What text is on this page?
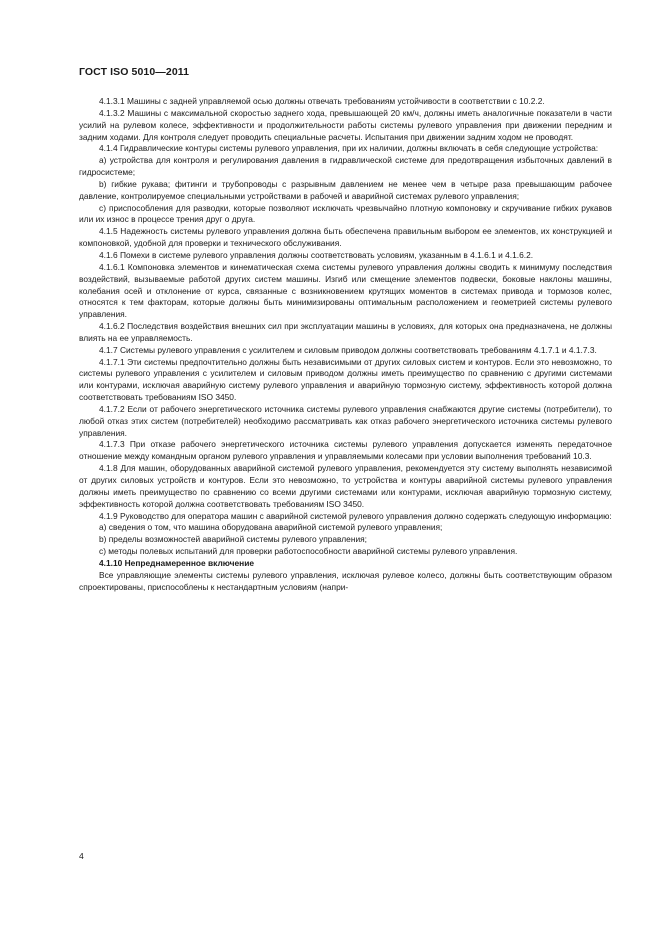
ГОСТ ISO 5010—2011

4.1.3.1 Машины с задней управляемой осью должны отвечать требованиям устойчивости в соответствии с 10.2.2.

4.1.3.2 Машины с максимальной скоростью заднего хода, превышающей 20 км/ч, должны иметь аналогичные показатели в части усилий на рулевом колесе, эффективности и продолжительности работы системы рулевого управления при движении передним и задним ходами. Для контроля следует проводить специальные расчеты. Испытания при движении задним ходом не проводят.

4.1.4 Гидравлические контуры системы рулевого управления, при их наличии, должны включать в себя следующие устройства:

а) устройства для контроля и регулирования давления в гидравлической системе для предотвращения избыточных давлений в гидросистеме;

b) гибкие рукава; фитинги и трубопроводы с разрывным давлением не менее чем в четыре раза превышающим рабочее давление, контролируемое специальными устройствами в рабочей и аварийной системах рулевого управления;

с) приспособления для разводки, которые позволяют исключать чрезвычайно плотную компоновку и скручивание гибких рукавов или их износ в процессе трения друг о друга.

4.1.5 Надежность системы рулевого управления должна быть обеспечена правильным выбором ее элементов, их конструкцией и компоновкой, удобной для проверки и технического обслуживания.

4.1.6 Помехи в системе рулевого управления должны соответствовать условиям, указанным в 4.1.6.1 и 4.1.6.2.

4.1.6.1 Компоновка элементов и кинематическая схема системы рулевого управления должны сводить к минимуму последствия воздействий, вызываемые работой других систем машины. Изгиб или смещение элементов подвески, боковые наклоны машины, колебания осей и отклонение от курса, связанные с возникновением крутящих моментов в системах привода и тормозов колес, относятся к тем факторам, которые должны быть минимизированы оптимальным расположением и геометрией системы рулевого управления.

4.1.6.2 Последствия воздействия внешних сил при эксплуатации машины в условиях, для которых она предназначена, не должны влиять на ее управляемость.

4.1.7 Системы рулевого управления с усилителем и силовым приводом должны соответствовать требованиям 4.1.7.1 и 4.1.7.3.

4.1.7.1 Эти системы предпочтительно должны быть независимыми от других силовых систем и контуров. Если это невозможно, то системы рулевого управления с усилителем и силовым приводом должны иметь преимущество по сравнению с другими системами или контурами, исключая аварийную систему рулевого управления и аварийную тормозную систему, эффективность которой должна соответствовать требованиям ISO 3450.

4.1.7.2 Если от рабочего энергетического источника системы рулевого управления снабжаются другие системы (потребители), то любой отказ этих систем (потребителей) необходимо рассматривать как отказ рабочего энергетического источника системы рулевого управления.

4.1.7.3 При отказе рабочего энергетического источника системы рулевого управления допускается изменять передаточное отношение между командным органом рулевого управления и управляемыми колесами при условии выполнения требований 10.3.

4.1.8 Для машин, оборудованных аварийной системой рулевого управления, рекомендуется эту систему выполнять независимой от других силовых устройств и контуров. Если это невозможно, то устройства и контуры аварийной системы рулевого управления должны иметь преимущество по сравнению со всеми другими системами или контурами, исключая аварийную тормозную систему, эффективность которой должна соответствовать требованиям ISO 3450.

4.1.9 Руководство для оператора машин с аварийной системой рулевого управления должно содержать следующую информацию:

а) сведения о том, что машина оборудована аварийной системой рулевого управления;

b) пределы возможностей аварийной системы рулевого управления;

с) методы полевых испытаний для проверки работоспособности аварийной системы рулевого управления.

4.1.10 Непреднамеренное включение

Все управляющие элементы системы рулевого управления, исключая рулевое колесо, должны быть соответствующим образом спроектированы, приспособлены к нестандартным условиям (напри-

4
